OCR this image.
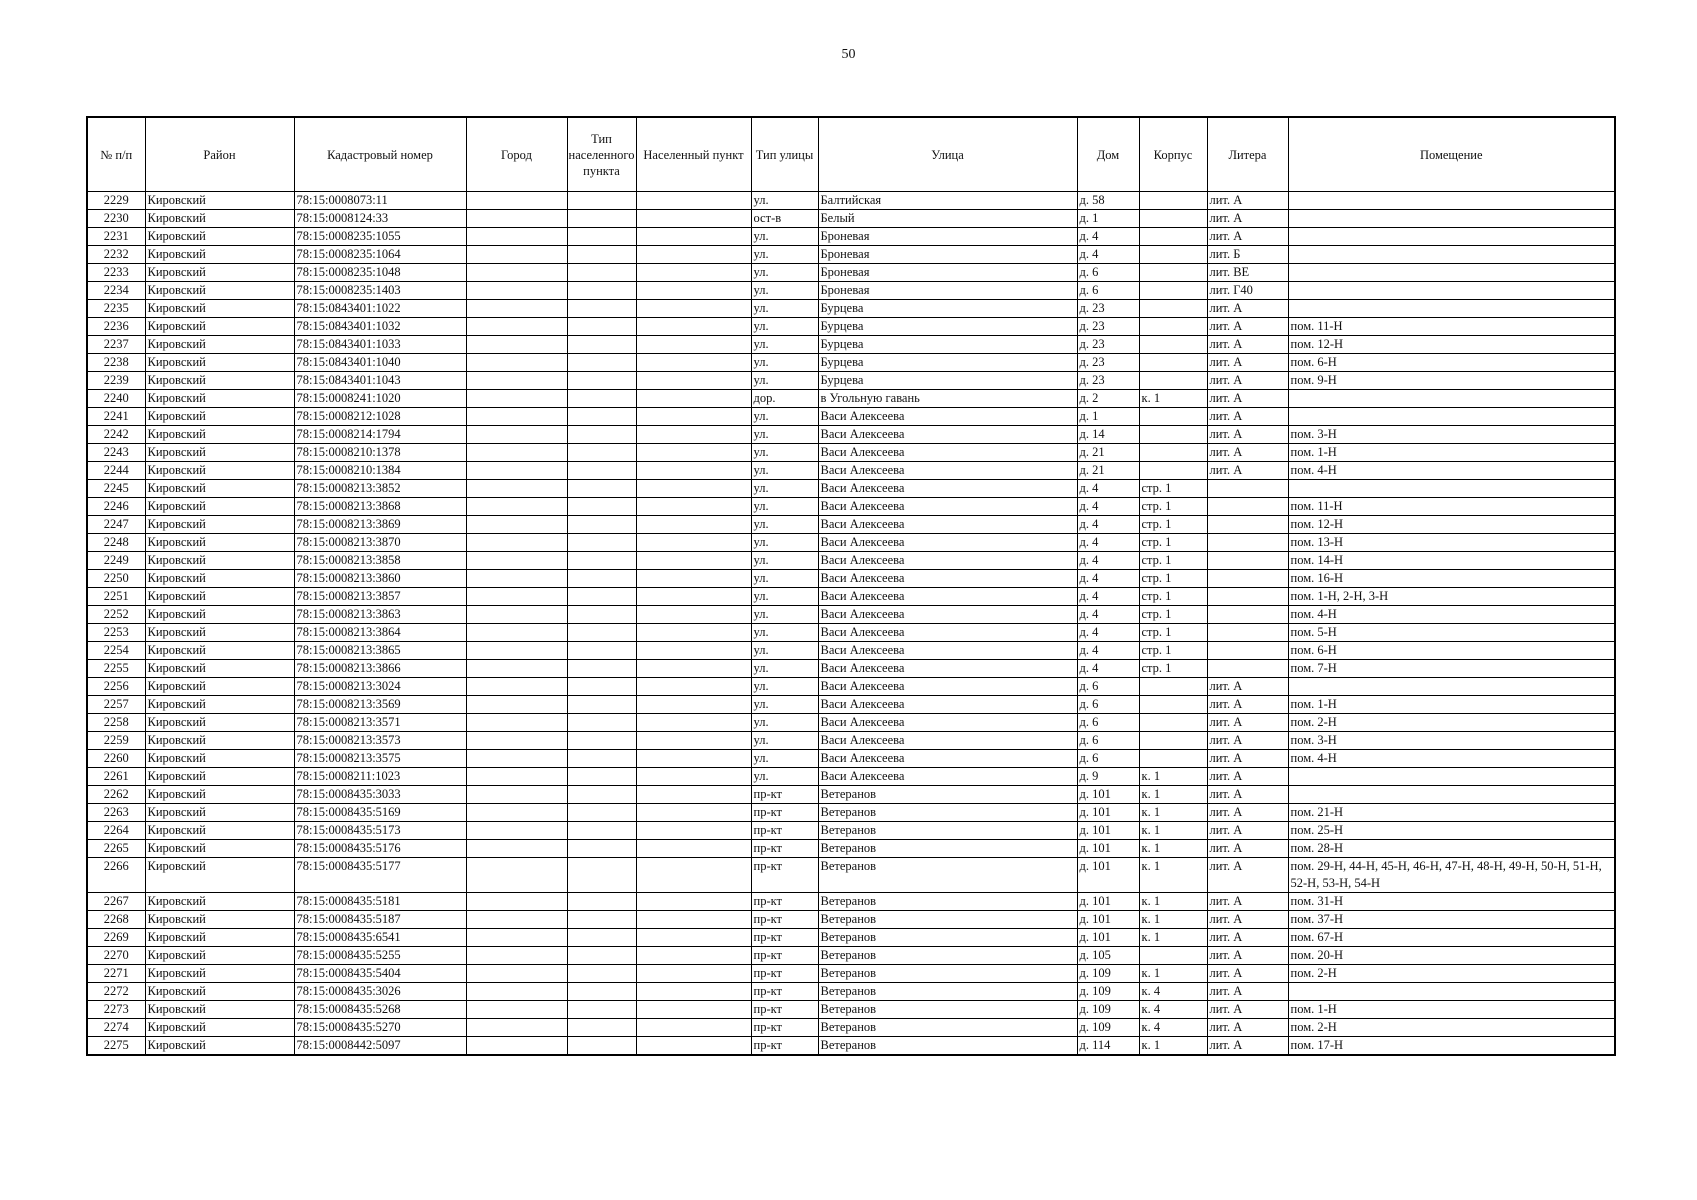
50
№ п/п	Район	Кадастровый номер	Город	Тип населенного пункта	Населенный пункт	Тип улицы	Улица	Дом	Корпус	Литера	Помещение
2229	Кировский	78:15:0008073:11				ул.	Балтийская	д. 58		лит. А	
2230	Кировский	78:15:0008124:33				ост-в	Белый	д. 1		лит. А	
2231	Кировский	78:15:0008235:1055				ул.	Броневая	д. 4		лит. А	
2232	Кировский	78:15:0008235:1064				ул.	Броневая	д. 4		лит. Б	
2233	Кировский	78:15:0008235:1048				ул.	Броневая	д. 6		лит. ВЕ	
2234	Кировский	78:15:0008235:1403				ул.	Броневая	д. 6		лит. Г40	
2235	Кировский	78:15:0843401:1022				ул.	Бурцева	д. 23		лит. А	
2236	Кировский	78:15:0843401:1032				ул.	Бурцева	д. 23		лит. А	пом. 11-Н
2237	Кировский	78:15:0843401:1033				ул.	Бурцева	д. 23		лит. А	пом. 12-Н
2238	Кировский	78:15:0843401:1040				ул.	Бурцева	д. 23		лит. А	пом. 6-Н
2239	Кировский	78:15:0843401:1043				ул.	Бурцева	д. 23		лит. А	пом. 9-Н
2240	Кировский	78:15:0008241:1020				дор.	в Угольную гавань	д. 2	к. 1	лит. А	
2241	Кировский	78:15:0008212:1028				ул.	Васи Алексеева	д. 1		лит. А	
2242	Кировский	78:15:0008214:1794				ул.	Васи Алексеева	д. 14		лит. А	пом. 3-Н
2243	Кировский	78:15:0008210:1378				ул.	Васи Алексеева	д. 21		лит. А	пом. 1-Н
2244	Кировский	78:15:0008210:1384				ул.	Васи Алексеева	д. 21		лит. А	пом. 4-Н
2245	Кировский	78:15:0008213:3852				ул.	Васи Алексеева	д. 4	стр. 1		
2246	Кировский	78:15:0008213:3868				ул.	Васи Алексеева	д. 4	стр. 1		пом. 11-Н
2247	Кировский	78:15:0008213:3869				ул.	Васи Алексеева	д. 4	стр. 1		пом. 12-Н
2248	Кировский	78:15:0008213:3870				ул.	Васи Алексеева	д. 4	стр. 1		пом. 13-Н
2249	Кировский	78:15:0008213:3858				ул.	Васи Алексеева	д. 4	стр. 1		пом. 14-Н
2250	Кировский	78:15:0008213:3860				ул.	Васи Алексеева	д. 4	стр. 1		пом. 16-Н
2251	Кировский	78:15:0008213:3857				ул.	Васи Алексеева	д. 4	стр. 1		пом. 1-Н, 2-Н, 3-Н
2252	Кировский	78:15:0008213:3863				ул.	Васи Алексеева	д. 4	стр. 1		пом. 4-Н
2253	Кировский	78:15:0008213:3864				ул.	Васи Алексеева	д. 4	стр. 1		пом. 5-Н
2254	Кировский	78:15:0008213:3865				ул.	Васи Алексеева	д. 4	стр. 1		пом. 6-Н
2255	Кировский	78:15:0008213:3866				ул.	Васи Алексеева	д. 4	стр. 1		пом. 7-Н
2256	Кировский	78:15:0008213:3024				ул.	Васи Алексеева	д. 6		лит. А	
2257	Кировский	78:15:0008213:3569				ул.	Васи Алексеева	д. 6		лит. А	пом. 1-Н
2258	Кировский	78:15:0008213:3571				ул.	Васи Алексеева	д. 6		лит. А	пом. 2-Н
2259	Кировский	78:15:0008213:3573				ул.	Васи Алексеева	д. 6		лит. А	пом. 3-Н
2260	Кировский	78:15:0008213:3575				ул.	Васи Алексеева	д. 6		лит. А	пом. 4-Н
2261	Кировский	78:15:0008211:1023				ул.	Васи Алексеева	д. 9	к. 1	лит. А	
2262	Кировский	78:15:0008435:3033				пр-кт	Ветеранов	д. 101	к. 1	лит. А	
2263	Кировский	78:15:0008435:5169				пр-кт	Ветеранов	д. 101	к. 1	лит. А	пом. 21-Н
2264	Кировский	78:15:0008435:5173				пр-кт	Ветеранов	д. 101	к. 1	лит. А	пом. 25-Н
2265	Кировский	78:15:0008435:5176				пр-кт	Ветеранов	д. 101	к. 1	лит. А	пом. 28-Н
2266	Кировский	78:15:0008435:5177				пр-кт	Ветеранов	д. 101	к. 1	лит. А	пом. 29-Н, 44-Н, 45-Н, 46-Н, 47-Н, 48-Н, 49-Н, 50-Н, 51-Н, 52-Н, 53-Н, 54-Н
2267	Кировский	78:15:0008435:5181				пр-кт	Ветеранов	д. 101	к. 1	лит. А	пом. 31-Н
2268	Кировский	78:15:0008435:5187				пр-кт	Ветеранов	д. 101	к. 1	лит. А	пом. 37-Н
2269	Кировский	78:15:0008435:6541				пр-кт	Ветеранов	д. 101	к. 1	лит. А	пом. 67-Н
2270	Кировский	78:15:0008435:5255				пр-кт	Ветеранов	д. 105		лит. А	пом. 20-Н
2271	Кировский	78:15:0008435:5404				пр-кт	Ветеранов	д. 109	к. 1	лит. А	пом. 2-Н
2272	Кировский	78:15:0008435:3026				пр-кт	Ветеранов	д. 109	к. 4	лит. А	
2273	Кировский	78:15:0008435:5268				пр-кт	Ветеранов	д. 109	к. 4	лит. А	пом. 1-Н
2274	Кировский	78:15:0008435:5270				пр-кт	Ветеранов	д. 109	к. 4	лит. А	пом. 2-Н
2275	Кировский	78:15:0008442:5097				пр-кт	Ветеранов	д. 114	к. 1	лит. А	пом. 17-Н
